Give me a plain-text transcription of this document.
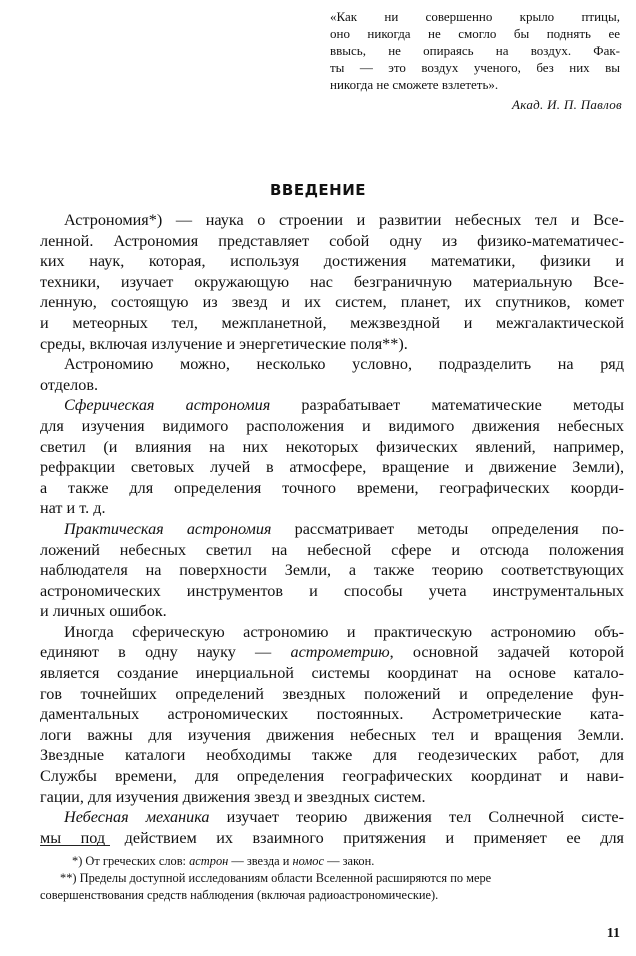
«Как ни совершенно крыло птицы,
оно никогда не смогло бы поднять ее
ввысь, не опираясь на воздух. Фак-
ты — это воздух ученого, без них вы
никогда не сможете взлететь».
Акад. И. П. Павлов
ВВЕДЕНИЕ
Астрономия*) — наука о строении и развитии небесных тел и Все-
ленной. Астрономия представляет собой одну из физико-математичес-
ких наук, которая, используя достижения математики, физики и
техники, изучает окружающую нас безграничную материальную Все-
ленную, состоящую из звезд и их систем, планет, их спутников, комет
и метеорных тел, межпланетной, межзвездной и межгалактической
среды, включая излучение и энергетические поля**).
Астрономию можно, несколько условно, подразделить на ряд
отделов.
Сферическая астрономия разрабатывает математические методы
для изучения видимого расположения и видимого движения небесных
светил (и влияния на них некоторых физических явлений, например,
рефракции световых лучей в атмосфере, вращение и движение Земли),
а также для определения точного времени, географических коорди-
нат и т. д.
Практическая астрономия рассматривает методы определения по-
ложений небесных светил на небесной сфере и отсюда положения
наблюдателя на поверхности Земли, а также теорию соответствующих
астрономических инструментов и способы учета инструментальных
и личных ошибок.
Иногда сферическую астрономию и практическую астрономию объ-
единяют в одну науку — астрометрию, основной задачей которой
является создание инерциальной системы координат на основе катало-
гов точнейших определений звездных положений и определение фун-
даментальных астрономических постоянных. Астрометрические ката-
логи важны для изучения движения небесных тел и вращения Земли.
Звездные каталоги необходимы также для геодезических работ, для
Службы времени, для определения географических координат и нави-
гации, для изучения движения звезд и звездных систем.
Небесная механика изучает теорию движения тел Солнечной систе-
мы под действием их взаимного притяжения и применяет ее для
*) От греческих слов: астрон — звезда и номос — закон.
**) Пределы доступной исследованиям области Вселенной расширяются по мере
совершенствования средств наблюдения (включая радиоастрономические).
11
